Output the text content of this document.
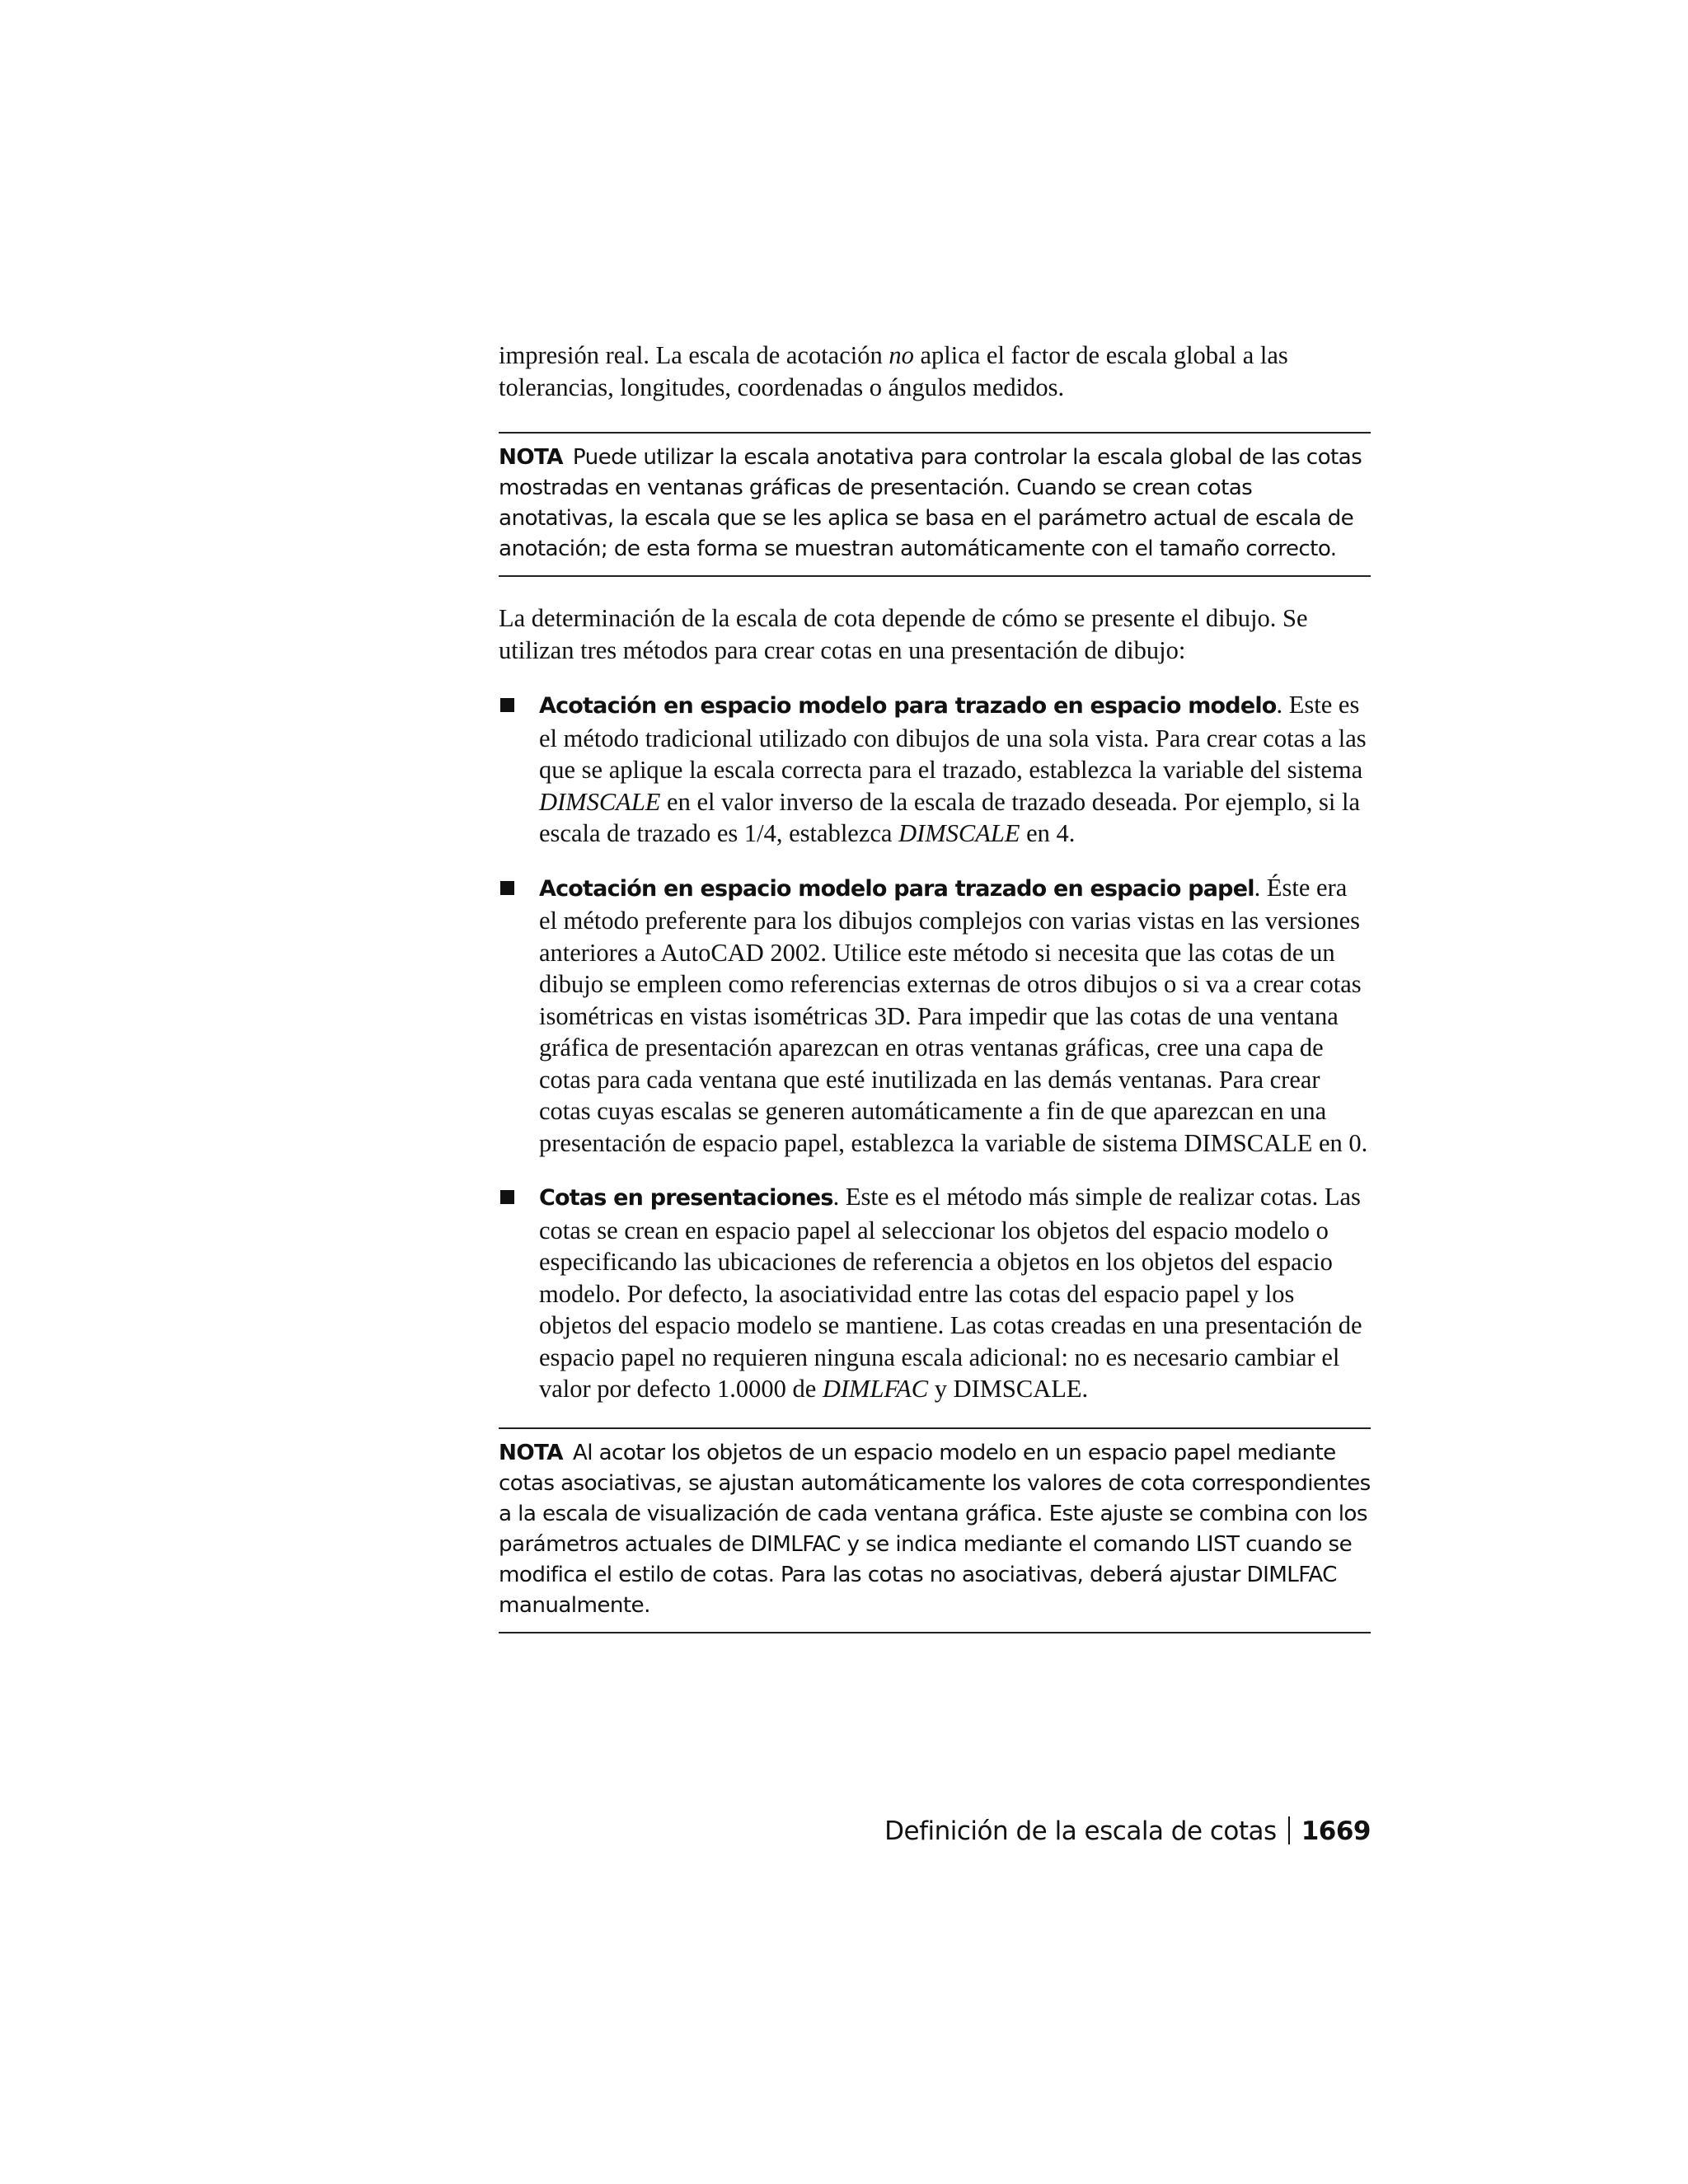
impresión real. La escala de acotación no aplica el factor de escala global a las tolerancias, longitudes, coordenadas o ángulos medidos.

NOTA Puede utilizar la escala anotativa para controlar la escala global de las cotas mostradas en ventanas gráficas de presentación. Cuando se crean cotas anotativas, la escala que se les aplica se basa en el parámetro actual de escala de anotación; de esta forma se muestran automáticamente con el tamaño correcto.

La determinación de la escala de cota depende de cómo se presente el dibujo. Se utilizan tres métodos para crear cotas en una presentación de dibujo:

Acotación en espacio modelo para trazado en espacio modelo. Este es el método tradicional utilizado con dibujos de una sola vista. Para crear cotas a las que se aplique la escala correcta para el trazado, establezca la variable del sistema DIMSCALE en el valor inverso de la escala de trazado deseada. Por ejemplo, si la escala de trazado es 1/4, establezca DIMSCALE en 4.
Acotación en espacio modelo para trazado en espacio papel. Éste era el método preferente para los dibujos complejos con varias vistas en las versiones anteriores a AutoCAD 2002. Utilice este método si necesita que las cotas de un dibujo se empleen como referencias externas de otros dibujos o si va a crear cotas isométricas en vistas isométricas 3D. Para impedir que las cotas de una ventana gráfica de presentación aparezcan en otras ventanas gráficas, cree una capa de cotas para cada ventana que esté inutilizada en las demás ventanas. Para crear cotas cuyas escalas se generen automáticamente a fin de que aparezcan en una presentación de espacio papel, establezca la variable de sistema DIMSCALE en 0.
Cotas en presentaciones. Este es el método más simple de realizar cotas. Las cotas se crean en espacio papel al seleccionar los objetos del espacio modelo o especificando las ubicaciones de referencia a objetos en los objetos del espacio modelo. Por defecto, la asociatividad entre las cotas del espacio papel y los objetos del espacio modelo se mantiene. Las cotas creadas en una presentación de espacio papel no requieren ninguna escala adicional: no es necesario cambiar el valor por defecto 1.0000 de DIMLFAC y DIMSCALE.
NOTA Al acotar los objetos de un espacio modelo en un espacio papel mediante cotas asociativas, se ajustan automáticamente los valores de cota correspondientes a la escala de visualización de cada ventana gráfica. Este ajuste se combina con los parámetros actuales de DIMLFAC y se indica mediante el comando LIST cuando se modifica el estilo de cotas. Para las cotas no asociativas, deberá ajustar DIMLFAC manualmente.
Definición de la escala de cotas 1669
